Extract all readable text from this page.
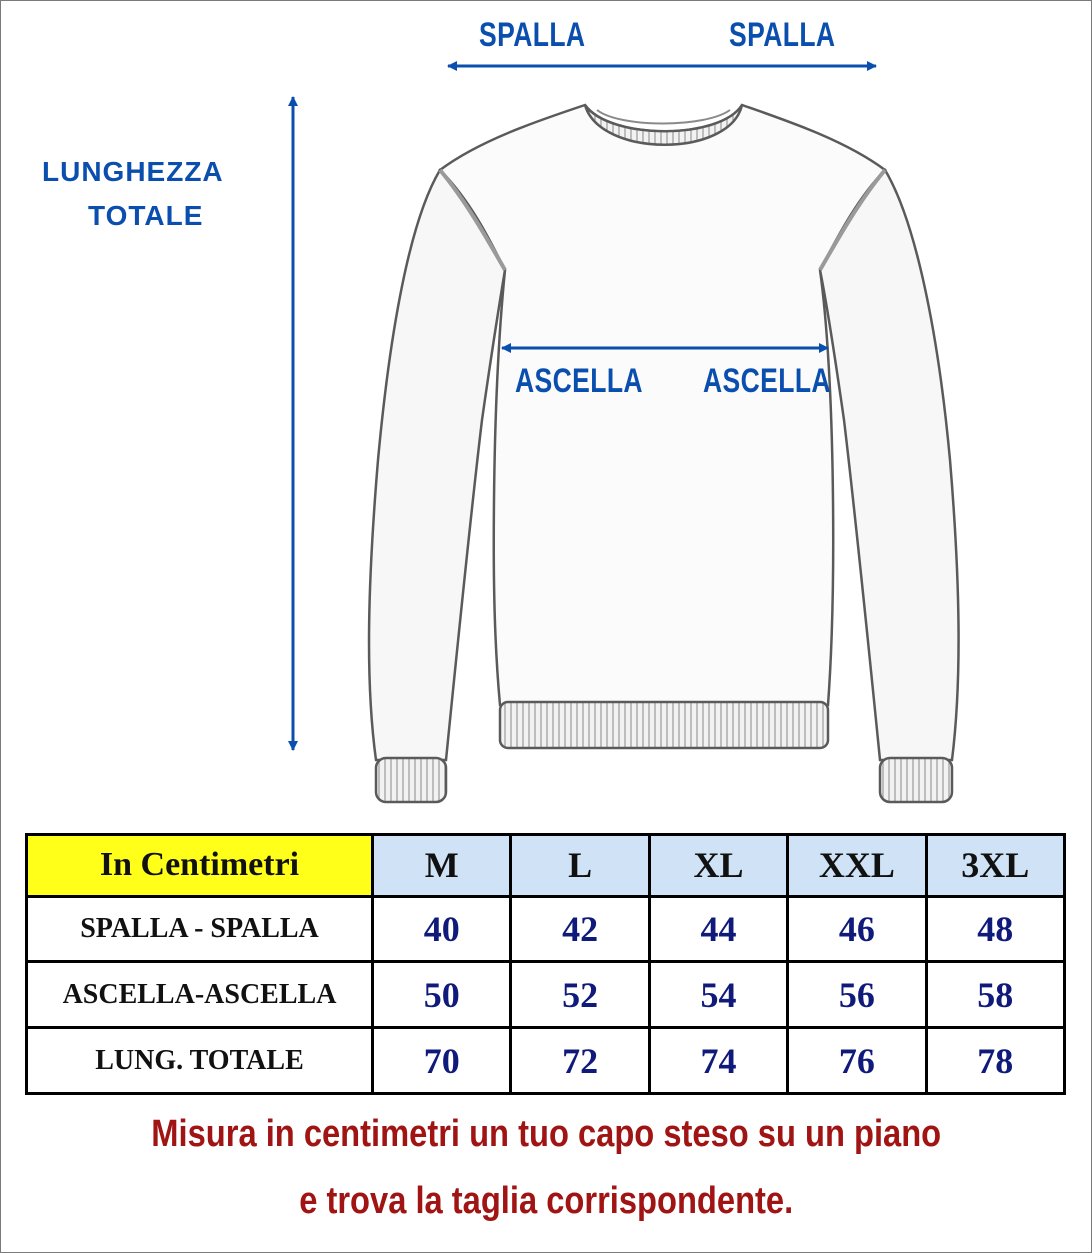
SPALLA	SPALLA
LUNGHEZZA
TOTALE
ASCELLA ASCELLA
In Centimetri	M	L	XL	XXL	3XL
SPALLA - SPALLA	40	42	44	46	48
ASCELLA-ASCELLA	50	52	54	56	58
LUNG. TOTALE	70	72	74	76	78
Misura in centimetri un tuo capo steso su un piano
e trova la taglia corrispondente.
